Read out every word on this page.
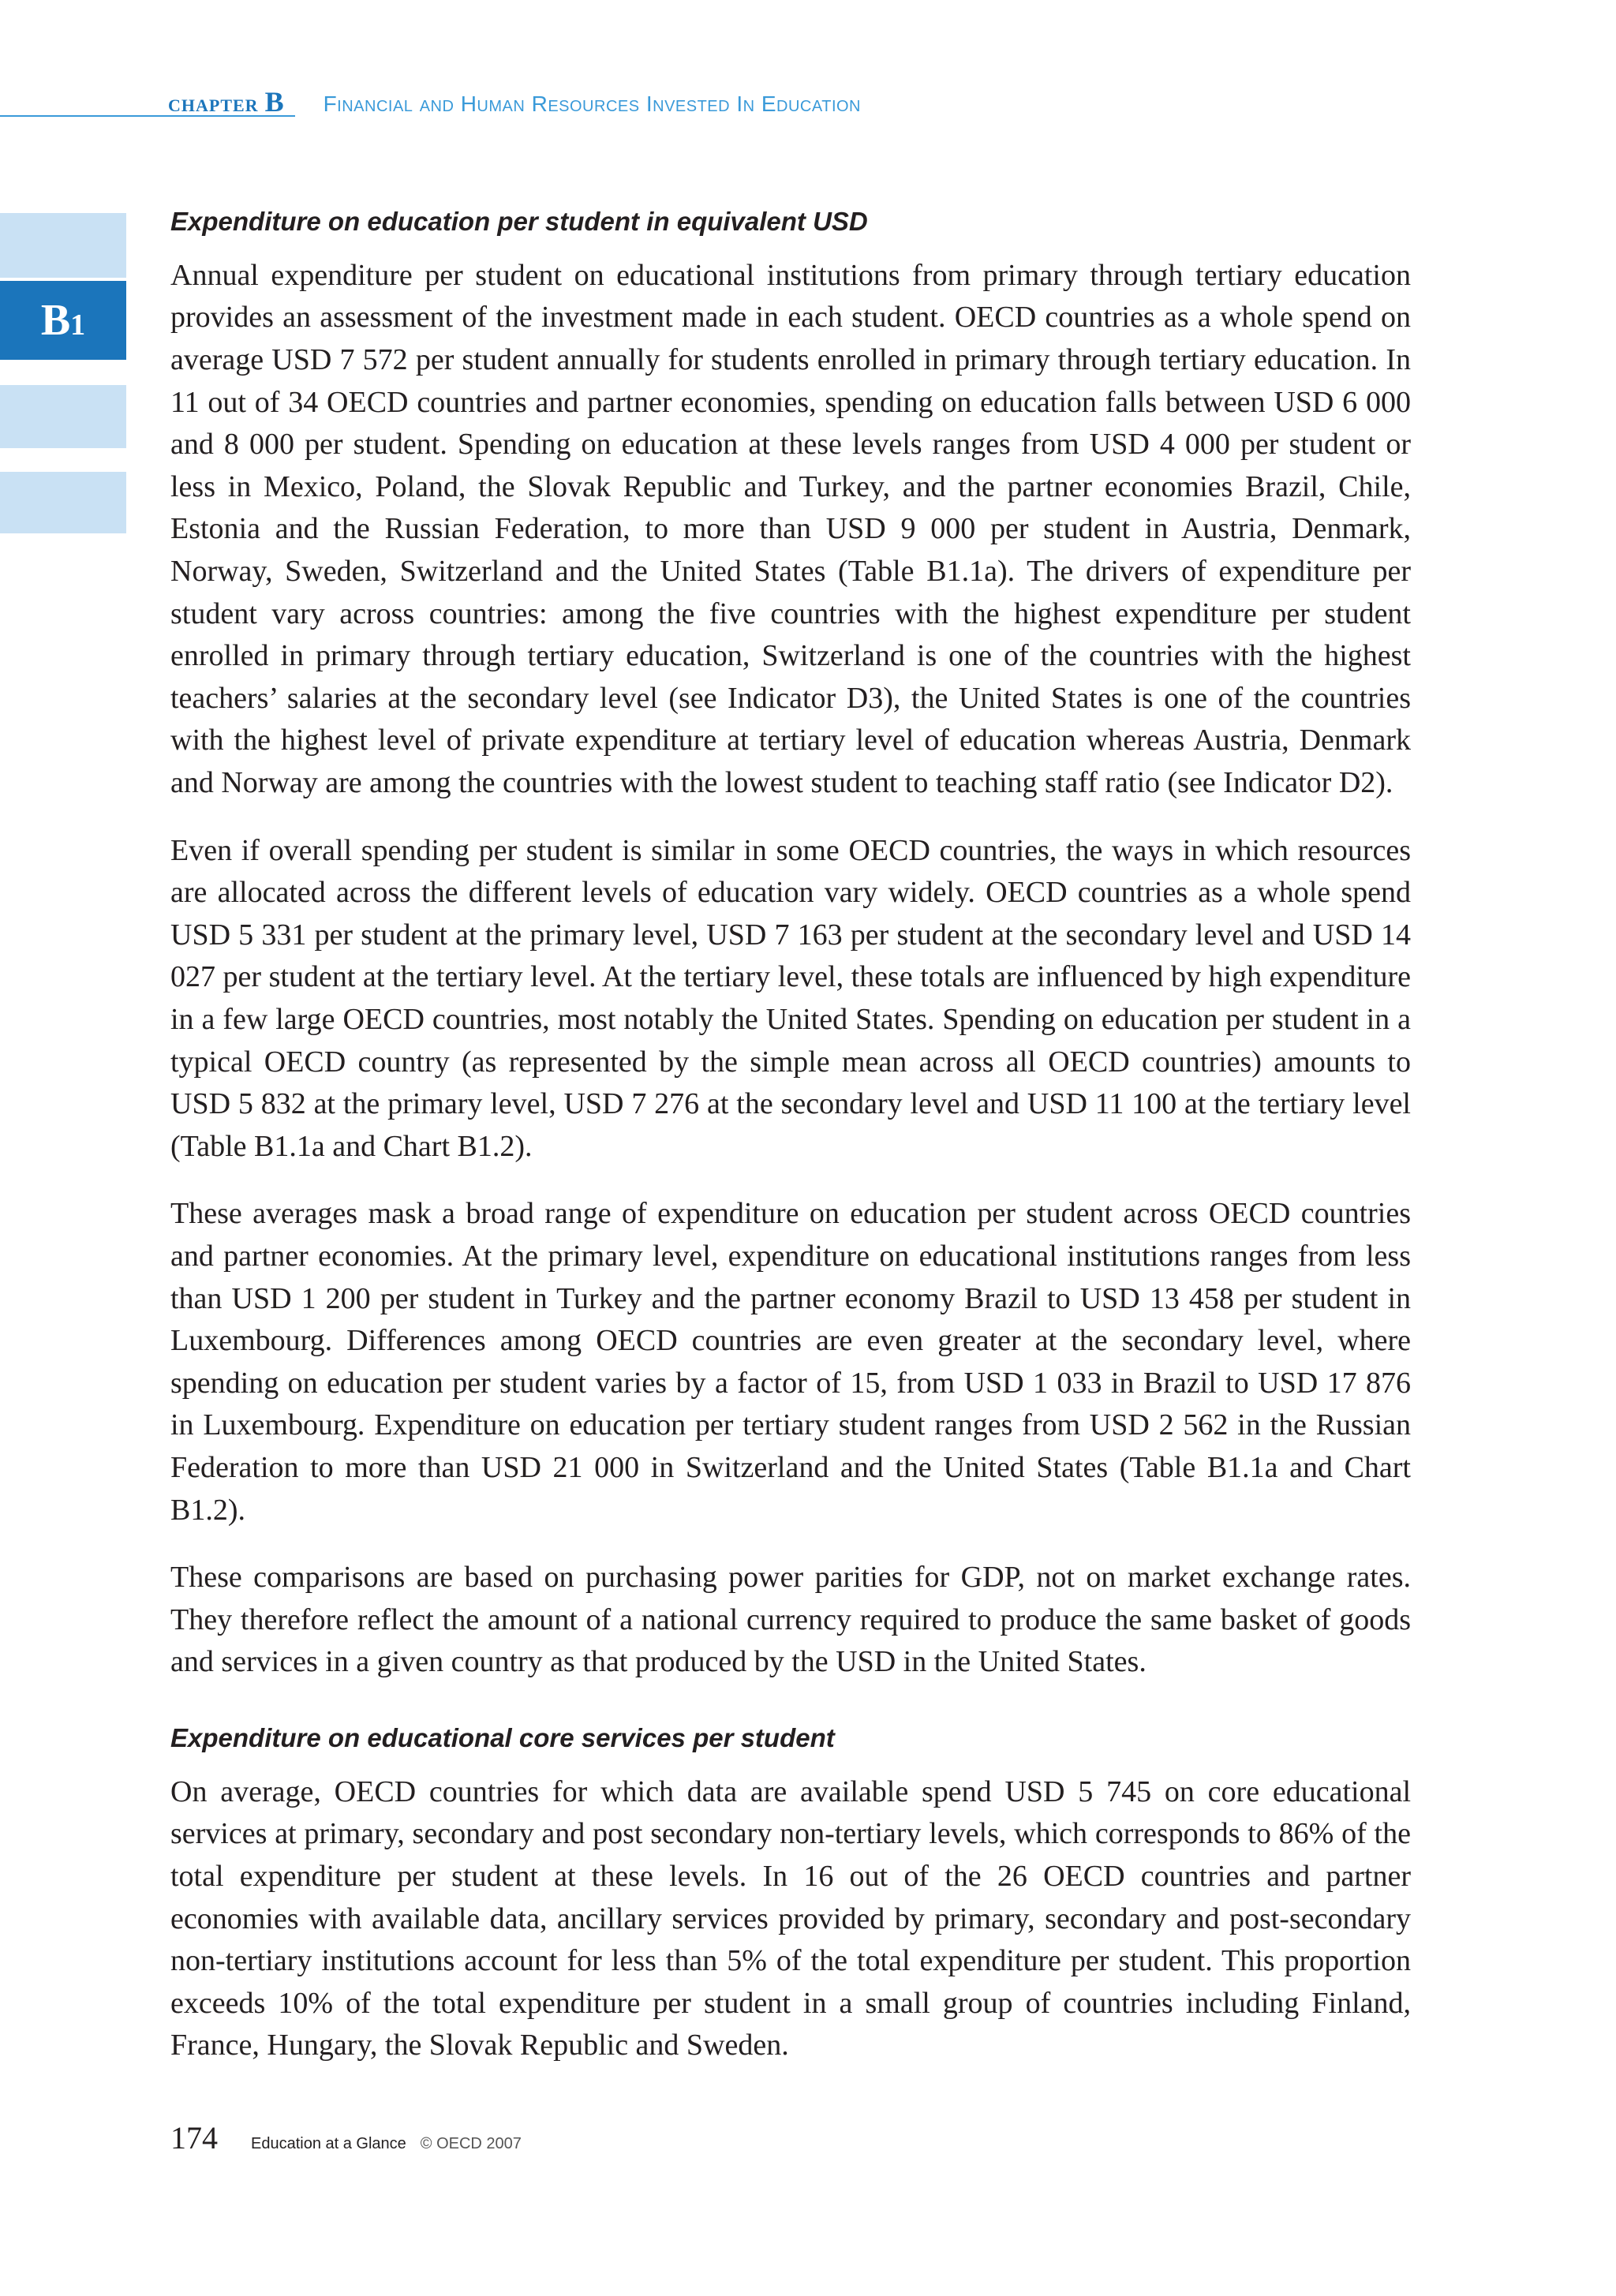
chapter B Financial and Human Resources Invested In Education
B1
Expenditure on education per student in equivalent USD

Annual expenditure per student on educational institutions from primary through tertiary education provides an assessment of the investment made in each student. OECD countries as a whole spend on average USD 7 572 per student annually for students enrolled in primary through tertiary education. In 11 out of 34 OECD countries and partner economies, spending on education falls between USD 6 000 and 8 000 per student. Spending on education at these levels ranges from USD 4 000 per student or less in Mexico, Poland, the Slovak Republic and Turkey, and the partner economies Brazil, Chile, Estonia and the Russian Federation, to more than USD 9 000 per student in Austria, Denmark, Norway, Sweden, Switzerland and the United States (Table B1.1a). The drivers of expenditure per student vary across countries: among the five countries with the highest expenditure per student enrolled in primary through tertiary education, Switzerland is one of the countries with the highest teachers’ salaries at the secondary level (see Indicator D3), the United States is one of the countries with the highest level of private expenditure at tertiary level of education whereas Austria, Denmark and Norway are among the countries with the lowest student to teaching staff ratio (see Indicator D2).

Even if overall spending per student is similar in some OECD countries, the ways in which resources are allocated across the different levels of education vary widely. OECD countries as a whole spend USD 5 331 per student at the primary level, USD 7 163 per student at the secondary level and USD 14 027 per student at the tertiary level. At the tertiary level, these totals are influenced by high expenditure in a few large OECD countries, most notably the United States. Spending on education per student in a typical OECD country (as represented by the simple mean across all OECD countries) amounts to USD 5 832 at the primary level, USD 7 276 at the secondary level and USD 11 100 at the tertiary level (Table B1.1a and Chart B1.2).

These averages mask a broad range of expenditure on education per student across OECD countries and partner economies. At the primary level, expenditure on educational institutions ranges from less than USD 1 200 per student in Turkey and the partner economy Brazil to USD 13 458 per student in Luxembourg. Differences among OECD countries are even greater at the secondary level, where spending on education per student varies by a factor of 15, from USD 1 033 in Brazil to USD 17 876 in Luxembourg. Expenditure on education per tertiary student ranges from USD 2 562 in the Russian Federation to more than USD 21 000 in Switzerland and the United States (Table B1.1a and Chart B1.2).

These comparisons are based on purchasing power parities for GDP, not on market exchange rates. They therefore reflect the amount of a national currency required to produce the same basket of goods and services in a given country as that produced by the USD in the United States.

Expenditure on educational core services per student

On average, OECD countries for which data are available spend USD 5 745 on core educational services at primary, secondary and post secondary non-tertiary levels, which corresponds to 86% of the total expenditure per student at these levels. In 16 out of the 26 OECD countries and partner economies with available data, ancillary services provided by primary, secondary and post-secondary non-tertiary institutions account for less than 5% of the total expenditure per student. This proportion exceeds 10% of the total expenditure per student in a small group of countries including Finland, France, Hungary, the Slovak Republic and Sweden.

174 Education at a Glance © OECD 2007
